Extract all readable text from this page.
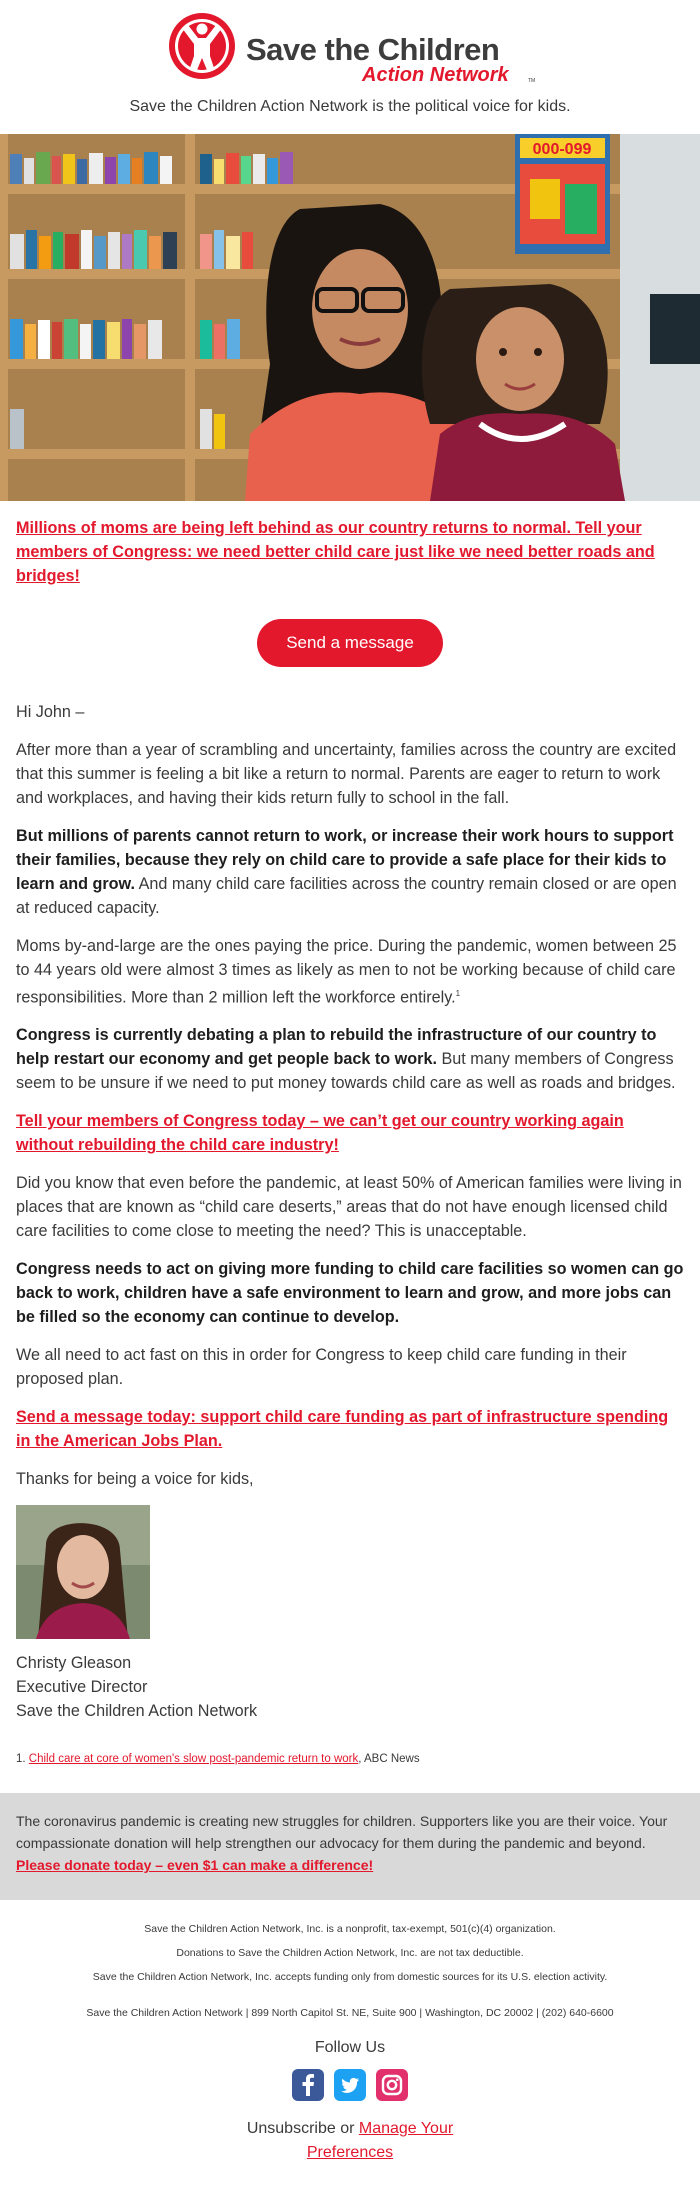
Save the Children
Action Network	TM
Save the Children Action Network is the political voice for kids.
000-099

Millions of moms are being left behind as our country returns to normal. Tell your members of Congress: we need better child care just like we need better roads and bridges!

Send a message

Hi John –

After more than a year of scrambling and uncertainty, families across the country are excited that this summer is feeling a bit like a return to normal. Parents are eager to return to work and workplaces, and having their kids return fully to school in the fall.

But millions of parents cannot return to work, or increase their work hours to support their families, because they rely on child care to provide a safe place for their kids to learn and grow. And many child care facilities across the country remain closed or are open at reduced capacity.

Moms by-and-large are the ones paying the price. During the pandemic, women between 25 to 44 years old were almost 3 times as likely as men to not be working because of child care responsibilities. More than 2 million left the workforce entirely.$^1$

Congress is currently debating a plan to rebuild the infrastructure of our country to help restart our economy and get people back to work. But many members of Congress seem to be unsure if we need to put money towards child care as well as roads and bridges.

Tell your members of Congress today – we can’t get our country working again without rebuilding the child care industry!

Did you know that even before the pandemic, at least 50% of American families were living in places that are known as “child care deserts,” areas that do not have enough licensed child care facilities to come close to meeting the need? This is unacceptable.

Congress needs to act on giving more funding to child care facilities so women can go back to work, children have a safe environment to learn and grow, and more jobs can be filled so the economy can continue to develop.

We all need to act fast on this in order for Congress to keep child care funding in their proposed plan.

Send a message today: support child care funding as part of infrastructure spending in the American Jobs Plan.

Thanks for being a voice for kids,

Christy Gleason
Executive Director
Save the Children Action Network
1. Child care at core of women's slow post-pandemic return to work, ABC News
The coronavirus pandemic is creating new struggles for children. Supporters like you are their voice. Your compassionate donation will help strengthen our advocacy for them during the pandemic and beyond.
Please donate today – even $1 can make a difference!
Save the Children Action Network, Inc. is a nonprofit, tax-exempt, 501(c)(4) organization.
Donations to Save the Children Action Network, Inc. are not tax deductible.
Save the Children Action Network, Inc. accepts funding only from domestic sources for its U.S. election activity.
Save the Children Action Network | 899 North Capitol St. NE, Suite 900 | Washington, DC 20002 | (202) 640-6600
Follow Us
Unsubscribe or Manage Your
Preferences
